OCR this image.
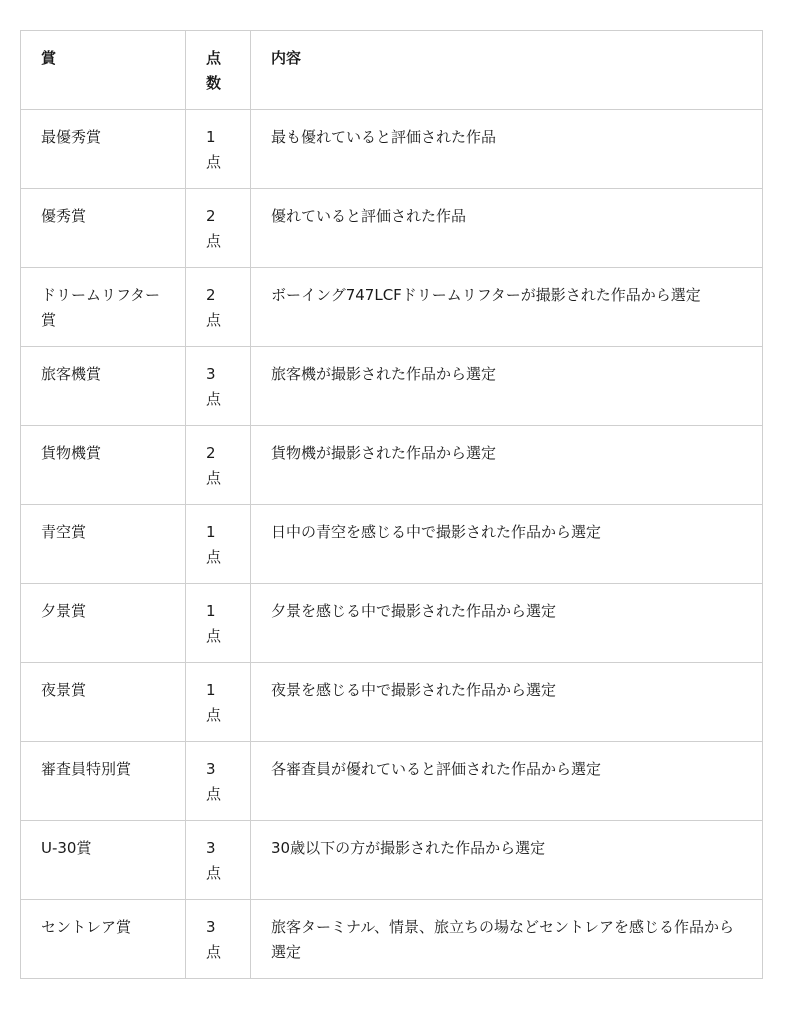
賞	点数	内容
最優秀賞	1点	最も優れていると評価された作品
優秀賞	2点	優れていると評価された作品
ドリームリフター賞	2点	ボーイング747LCFドリームリフターが撮影された作品から選定
旅客機賞	3点	旅客機が撮影された作品から選定
貨物機賞	2点	貨物機が撮影された作品から選定
青空賞	1点	日中の青空を感じる中で撮影された作品から選定
夕景賞	1点	夕景を感じる中で撮影された作品から選定
夜景賞	1点	夜景を感じる中で撮影された作品から選定
審査員特別賞	3点	各審査員が優れていると評価された作品から選定
U-30賞	3点	30歳以下の方が撮影された作品から選定
セントレア賞	3点	旅客ターミナル、情景、旅立ちの場などセントレアを感じる作品から選定
